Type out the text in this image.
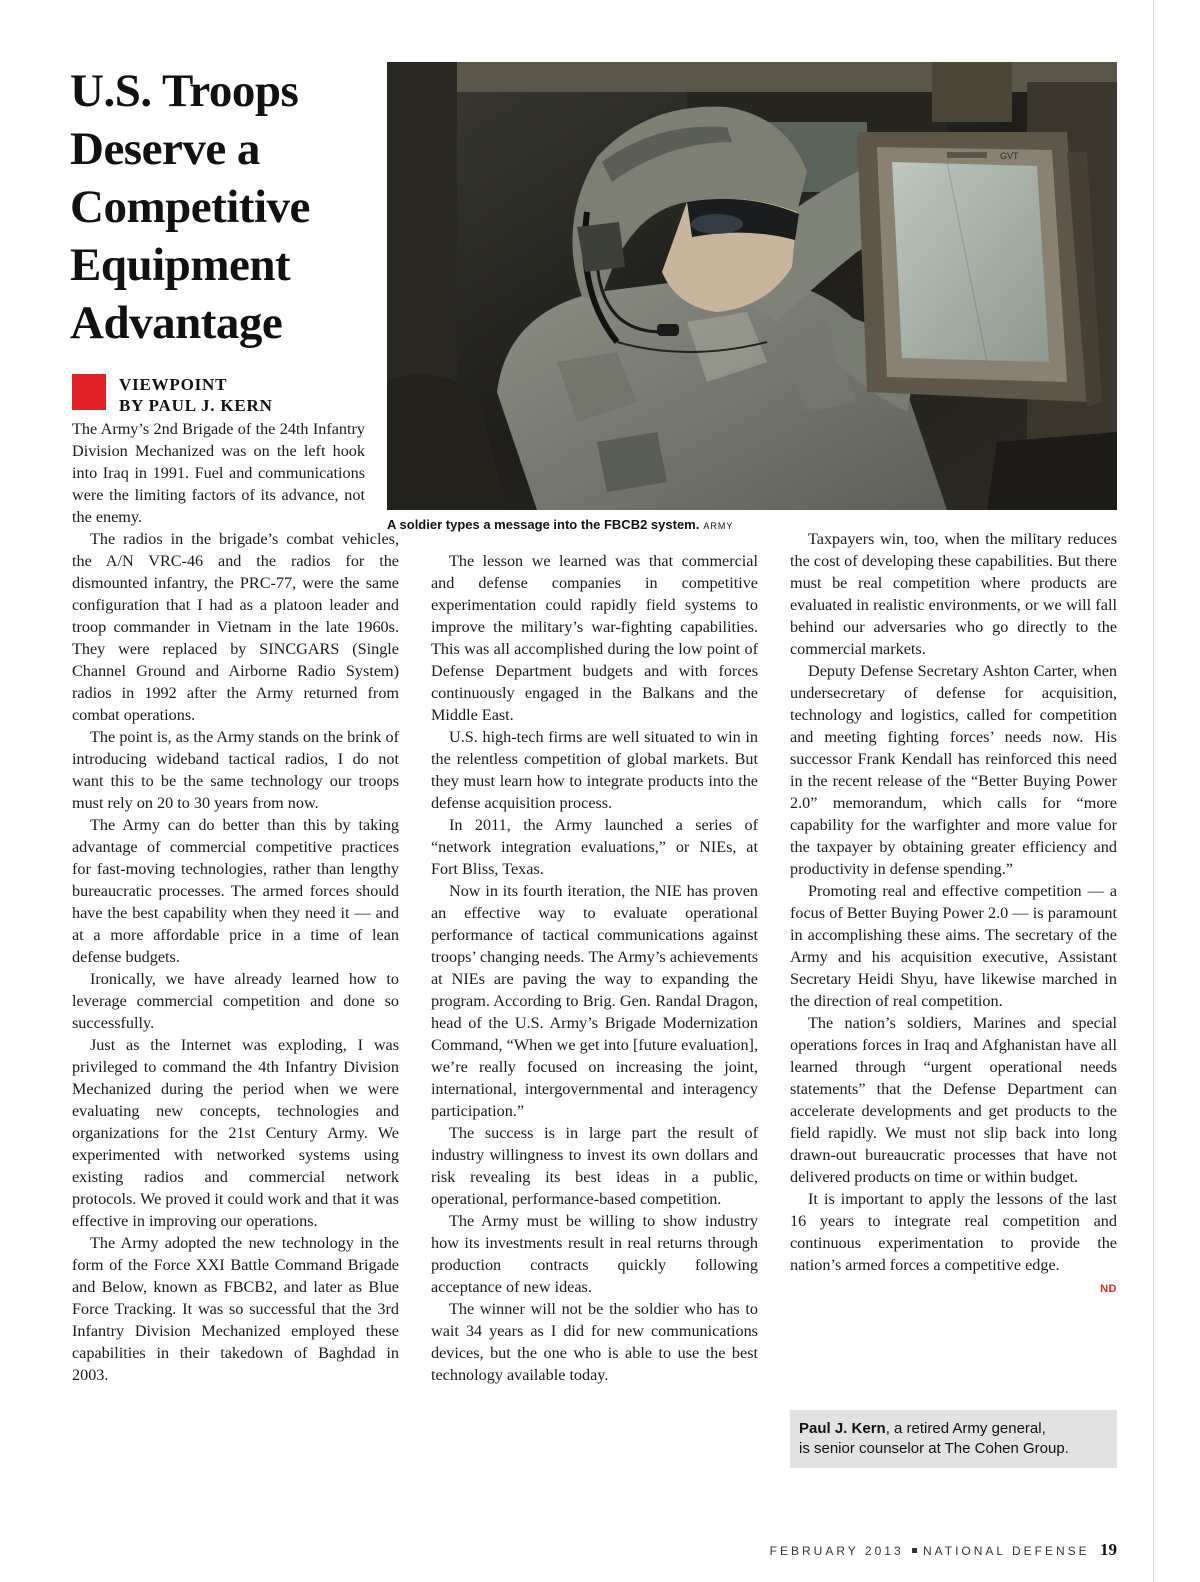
U.S. Troops
Deserve a
Competitive
Equipment
Advantage
GVT
A soldier types a message into the FBCB2 system. ARMY
VIEWPOINT
BY PAUL J. KERN

The Army’s 2nd Brigade of the 24th Infantry Division Mechanized was on the left hook into Iraq in 1991. Fuel and communications were the limiting factors of its advance, not the enemy.

The radios in the brigade’s combat vehicles, the A/N VRC-46 and the radios for the dismounted infantry, the PRC-77, were the same configuration that I had as a platoon leader and troop commander in Vietnam in the late 1960s. They were replaced by SINCGARS (Single Channel Ground and Airborne Radio System) radios in 1992 after the Army returned from combat operations.

The point is, as the Army stands on the brink of introducing wideband tactical radios, I do not want this to be the same technology our troops must rely on 20 to 30 years from now.

The Army can do better than this by taking advantage of commercial competitive practices for fast-moving technologies, rather than lengthy bureaucratic processes. The armed forces should have the best capability when they need it — and at a more affordable price in a time of lean defense budgets.

Ironically, we have already learned how to leverage commercial competition and done so successfully.

Just as the Internet was exploding, I was privileged to command the 4th Infantry Division Mechanized during the period when we were evaluating new concepts, technologies and organizations for the 21st Century Army. We experimented with networked systems using existing radios and commercial network protocols. We proved it could work and that it was effective in improving our operations.

The Army adopted the new technology in the form of the Force XXI Battle Command Brigade and Below, known as FBCB2, and later as Blue Force Tracking. It was so successful that the 3rd Infantry Division Mechanized employed these capabilities in their takedown of Baghdad in 2003.

The lesson we learned was that commercial and defense companies in competitive experimentation could rapidly field systems to improve the military’s war-fighting capabilities. This was all accomplished during the low point of Defense Department budgets and with forces continuously engaged in the Balkans and the Middle East.

U.S. high-tech firms are well situated to win in the relentless competition of global markets. But they must learn how to integrate products into the defense acquisition process.

In 2011, the Army launched a series of “network integration evaluations,” or NIEs, at Fort Bliss, Texas.

Now in its fourth iteration, the NIE has proven an effective way to evaluate operational performance of tactical communications against troops’ changing needs. The Army’s achievements at NIEs are paving the way to expanding the program. According to Brig. Gen. Randal Dragon, head of the U.S. Army’s Brigade Modernization Command, “When we get into [future evaluation], we’re really focused on increasing the joint, international, intergovernmental and interagency participation.”

The success is in large part the result of industry willingness to invest its own dollars and risk revealing its best ideas in a public, operational, performance-based competition.

The Army must be willing to show industry how its investments result in real returns through production contracts quickly following acceptance of new ideas.

The winner will not be the soldier who has to wait 34 years as I did for new communications devices, but the one who is able to use the best technology available today.

Taxpayers win, too, when the military reduces the cost of developing these capabilities. But there must be real competition where products are evaluated in realistic environments, or we will fall behind our adversaries who go directly to the commercial markets.

Deputy Defense Secretary Ashton Carter, when undersecretary of defense for acquisition, technology and logistics, called for competition and meeting fighting forces’ needs now. His successor Frank Kendall has reinforced this need in the recent release of the “Better Buying Power 2.0” memorandum, which calls for “more capability for the warfighter and more value for the taxpayer by obtaining greater efficiency and productivity in defense spending.”

Promoting real and effective competition — a focus of Better Buying Power 2.0 — is paramount in accomplishing these aims. The secretary of the Army and his acquisition executive, Assistant Secretary Heidi Shyu, have likewise marched in the direction of real competition.

The nation’s soldiers, Marines and special operations forces in Iraq and Afghanistan have all learned through “urgent operational needs statements” that the Defense Department can accelerate developments and get products to the field rapidly. We must not slip back into long drawn-out bureaucratic processes that have not delivered products on time or within budget.

It is important to apply the lessons of the last 16 years to integrate real competition and continuous experimentation to provide the nation’s armed forces a competitive edge.

ND
Paul J. Kern, a retired Army general,
is senior counselor at The Cohen Group.
FEBRUARY 2013 NATIONAL DEFENSE 19
